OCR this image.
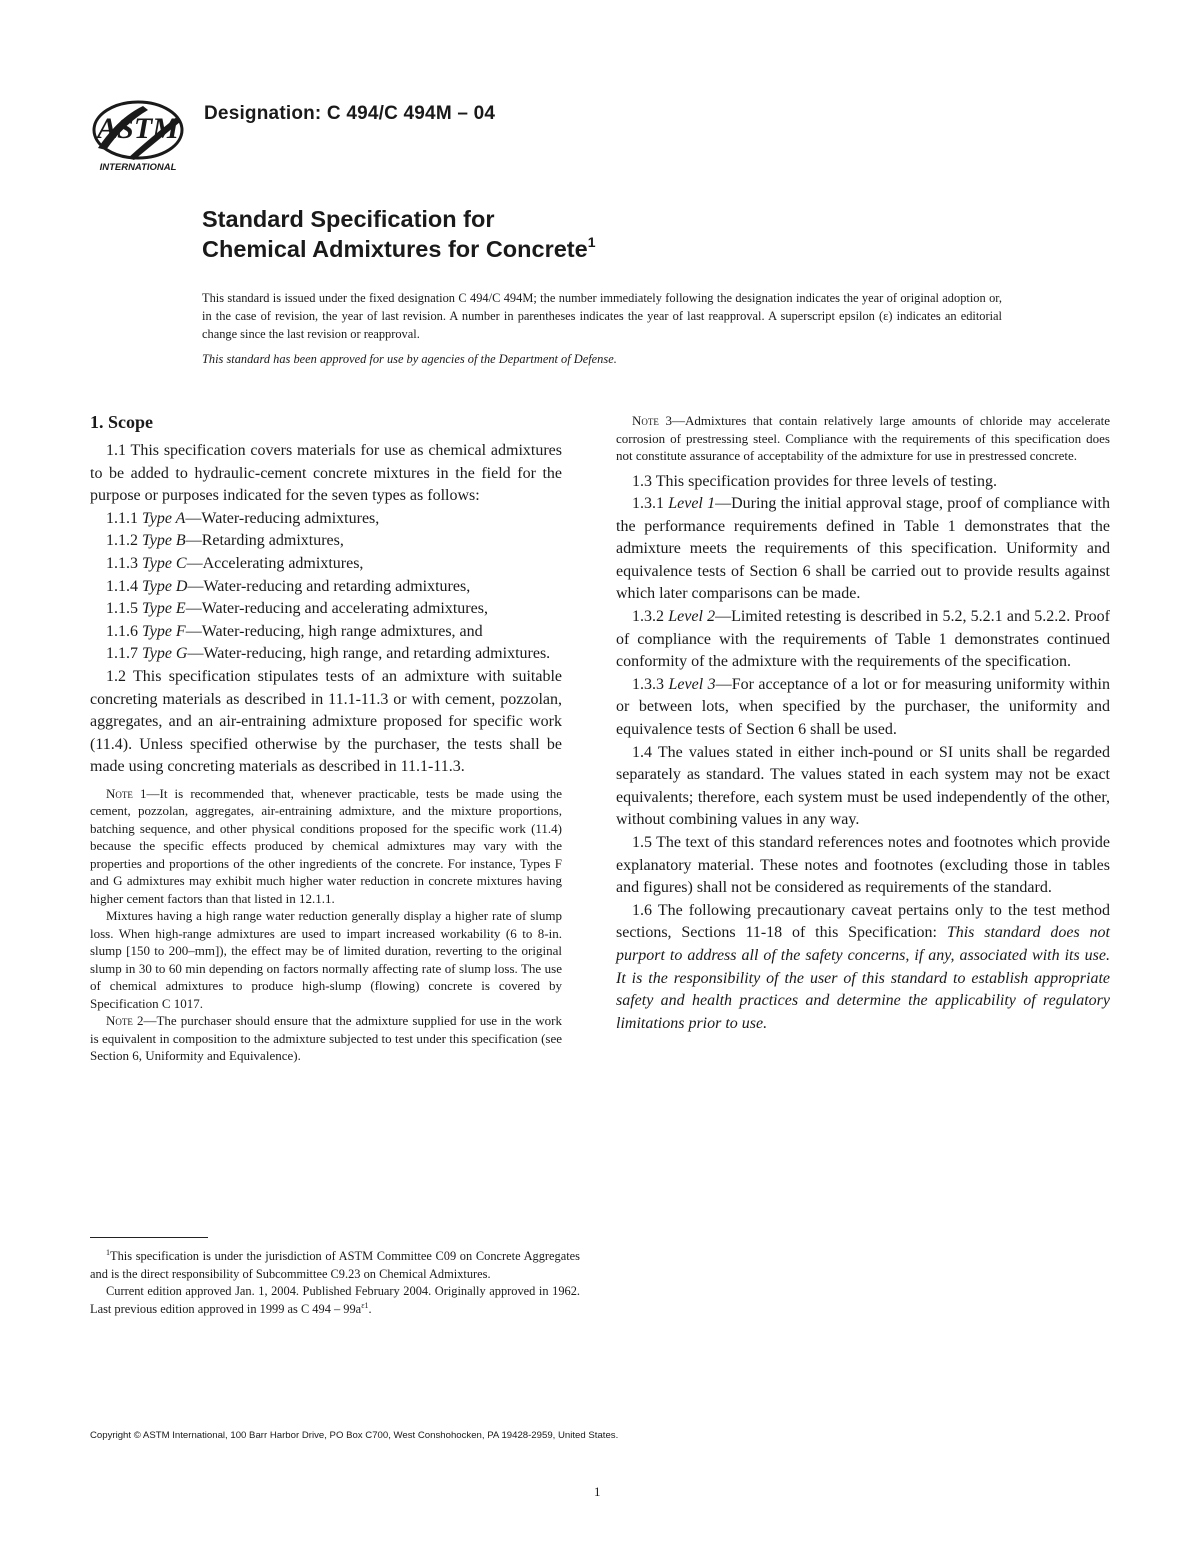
ASTM
INTERNATIONAL
Designation: C 494/C 494M – 04
Standard Specification for
Chemical Admixtures for Concrete$^1$

This standard is issued under the fixed designation C 494/C 494M; the number immediately following the designation indicates the year of original adoption or, in the case of revision, the year of last revision. A number in parentheses indicates the year of last reapproval. A superscript epsilon (ε) indicates an editorial change since the last revision or reapproval.

This standard has been approved for use by agencies of the Department of Defense.
1. Scope

1.1 This specification covers materials for use as chemical admixtures to be added to hydraulic-cement concrete mixtures in the field for the purpose or purposes indicated for the seven types as follows:

1.1.1 Type A—Water-reducing admixtures,

1.1.2 Type B—Retarding admixtures,

1.1.3 Type C—Accelerating admixtures,

1.1.4 Type D—Water-reducing and retarding admixtures,

1.1.5 Type E—Water-reducing and accelerating admixtures,

1.1.6 Type F—Water-reducing, high range admixtures, and

1.1.7 Type G—Water-reducing, high range, and retarding admixtures.

1.2 This specification stipulates tests of an admixture with suitable concreting materials as described in 11.1-11.3 or with cement, pozzolan, aggregates, and an air-entraining admixture proposed for specific work (11.4). Unless specified otherwise by the purchaser, the tests shall be made using concreting materials as described in 11.1-11.3.

Note 1—It is recommended that, whenever practicable, tests be made using the cement, pozzolan, aggregates, air-entraining admixture, and the mixture proportions, batching sequence, and other physical conditions proposed for the specific work (11.4) because the specific effects produced by chemical admixtures may vary with the properties and proportions of the other ingredients of the concrete. For instance, Types F and G admixtures may exhibit much higher water reduction in concrete mixtures having higher cement factors than that listed in 12.1.1.

Mixtures having a high range water reduction generally display a higher rate of slump loss. When high-range admixtures are used to impart increased workability (6 to 8-in. slump [150 to 200–mm]), the effect may be of limited duration, reverting to the original slump in 30 to 60 min depending on factors normally affecting rate of slump loss. The use of chemical admixtures to produce high-slump (flowing) concrete is covered by Specification C 1017.

Note 2—The purchaser should ensure that the admixture supplied for use in the work is equivalent in composition to the admixture subjected to test under this specification (see Section 6, Uniformity and Equivalence).

Note 3—Admixtures that contain relatively large amounts of chloride may accelerate corrosion of prestressing steel. Compliance with the requirements of this specification does not constitute assurance of acceptability of the admixture for use in prestressed concrete.

1.3 This specification provides for three levels of testing.

1.3.1 Level 1—During the initial approval stage, proof of compliance with the performance requirements defined in Table 1 demonstrates that the admixture meets the requirements of this specification. Uniformity and equivalence tests of Section 6 shall be carried out to provide results against which later comparisons can be made.

1.3.2 Level 2—Limited retesting is described in 5.2, 5.2.1 and 5.2.2. Proof of compliance with the requirements of Table 1 demonstrates continued conformity of the admixture with the requirements of the specification.

1.3.3 Level 3—For acceptance of a lot or for measuring uniformity within or between lots, when specified by the purchaser, the uniformity and equivalence tests of Section 6 shall be used.

1.4 The values stated in either inch-pound or SI units shall be regarded separately as standard. The values stated in each system may not be exact equivalents; therefore, each system must be used independently of the other, without combining values in any way.

1.5 The text of this standard references notes and footnotes which provide explanatory material. These notes and footnotes (excluding those in tables and figures) shall not be considered as requirements of the standard.

1.6 The following precautionary caveat pertains only to the test method sections, Sections 11-18 of this Specification: This standard does not purport to address all of the safety concerns, if any, associated with its use. It is the responsibility of the user of this standard to establish appropriate safety and health practices and determine the applicability of regulatory limitations prior to use.

$^1$This specification is under the jurisdiction of ASTM Committee C09 on Concrete Aggregates and is the direct responsibility of Subcommittee C9.23 on Chemical Admixtures.

Current edition approved Jan. 1, 2004. Published February 2004. Originally approved in 1962. Last previous edition approved in 1999 as C $494 - 99a^{\varepsilon 1}$.

Copyright © ASTM International, 100 Barr Harbor Drive, PO Box C700, West Conshohocken, PA 19428-2959, United States.
1
